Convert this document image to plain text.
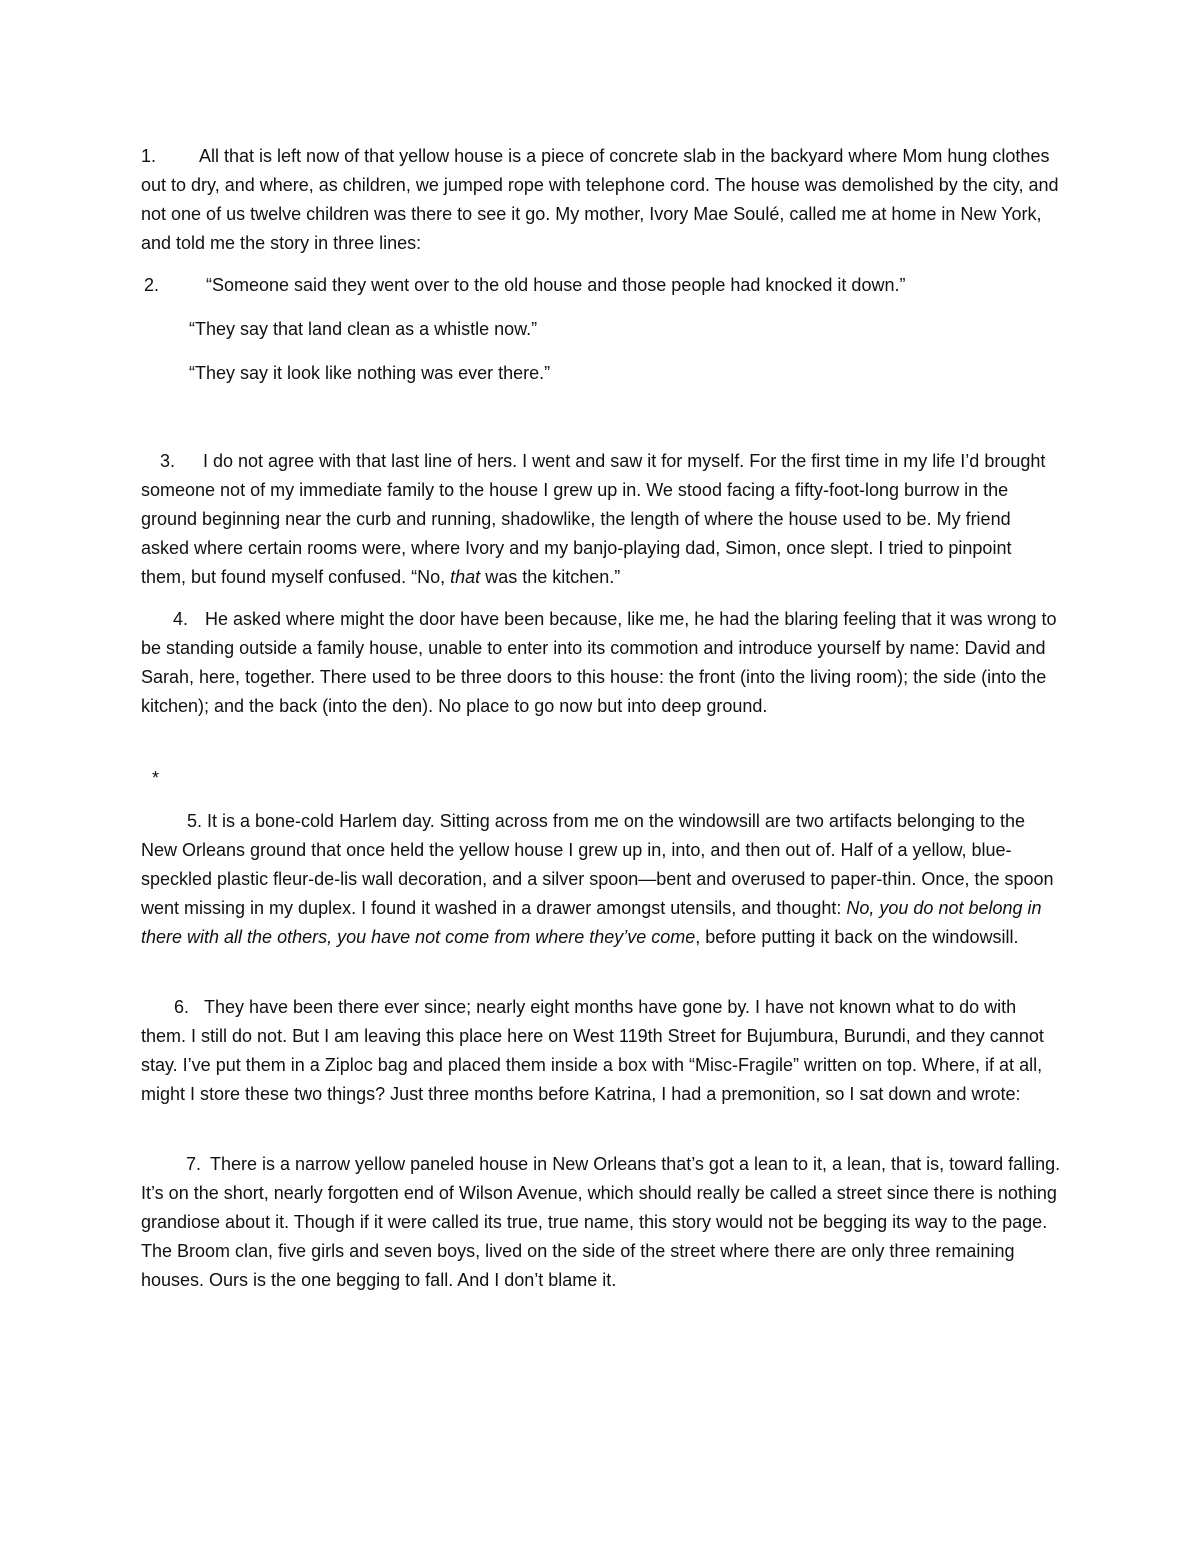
1. All that is left now of that yellow house is a piece of concrete slab in the backyard where Mom hung clothes out to dry, and where, as children, we jumped rope with telephone cord. The house was demolished by the city, and not one of us twelve children was there to see it go. My mother, Ivory Mae Soulé, called me at home in New York, and told me the story in three lines:

2.	“Someone said they went over to the old house and those people had knocked it down.”

“They say that land clean as a whistle now.”

“They say it look like nothing was ever there.”

3. I do not agree with that last line of hers. I went and saw it for myself. For the first time in my life I’d brought someone not of my immediate family to the house I grew up in. We stood facing a fifty-foot-long burrow in the ground beginning near the curb and running, shadowlike, the length of where the house used to be. My friend asked where certain rooms were, where Ivory and my banjo-playing dad, Simon, once slept. I tried to pinpoint them, but found myself confused. “No, that was the kitchen.”

4. He asked where might the door have been because, like me, he had the blaring feeling that it was wrong to be standing outside a family house, unable to enter into its commotion and introduce yourself by name: David and Sarah, here, together. There used to be three doors to this house: the front (into the living room); the side (into the kitchen); and the back (into the den). No place to go now but into deep ground.

*

5. It is a bone-cold Harlem day. Sitting across from me on the windowsill are two artifacts belonging to the New Orleans ground that once held the yellow house I grew up in, into, and then out of. Half of a yellow, blue-speckled plastic fleur-de-lis wall decoration, and a silver spoon—bent and overused to paper-thin. Once, the spoon went missing in my duplex. I found it washed in a drawer amongst utensils, and thought: No, you do not belong in there with all the others, you have not come from where they’ve come, before putting it back on the windowsill.

6. They have been there ever since; nearly eight months have gone by. I have not known what to do with them. I still do not. But I am leaving this place here on West 119th Street for Bujumbura, Burundi, and they cannot stay. I’ve put them in a Ziploc bag and placed them inside a box with “Misc-Fragile” written on top. Where, if at all, might I store these two things? Just three months before Katrina, I had a premonition, so I sat down and wrote:

7. There is a narrow yellow paneled house in New Orleans that’s got a lean to it, a lean, that is, toward falling. It’s on the short, nearly forgotten end of Wilson Avenue, which should really be called a street since there is nothing grandiose about it. Though if it were called its true, true name, this story would not be begging its way to the page. The Broom clan, five girls and seven boys, lived on the side of the street where there are only three remaining houses. Ours is the one begging to fall. And I don’t blame it.
